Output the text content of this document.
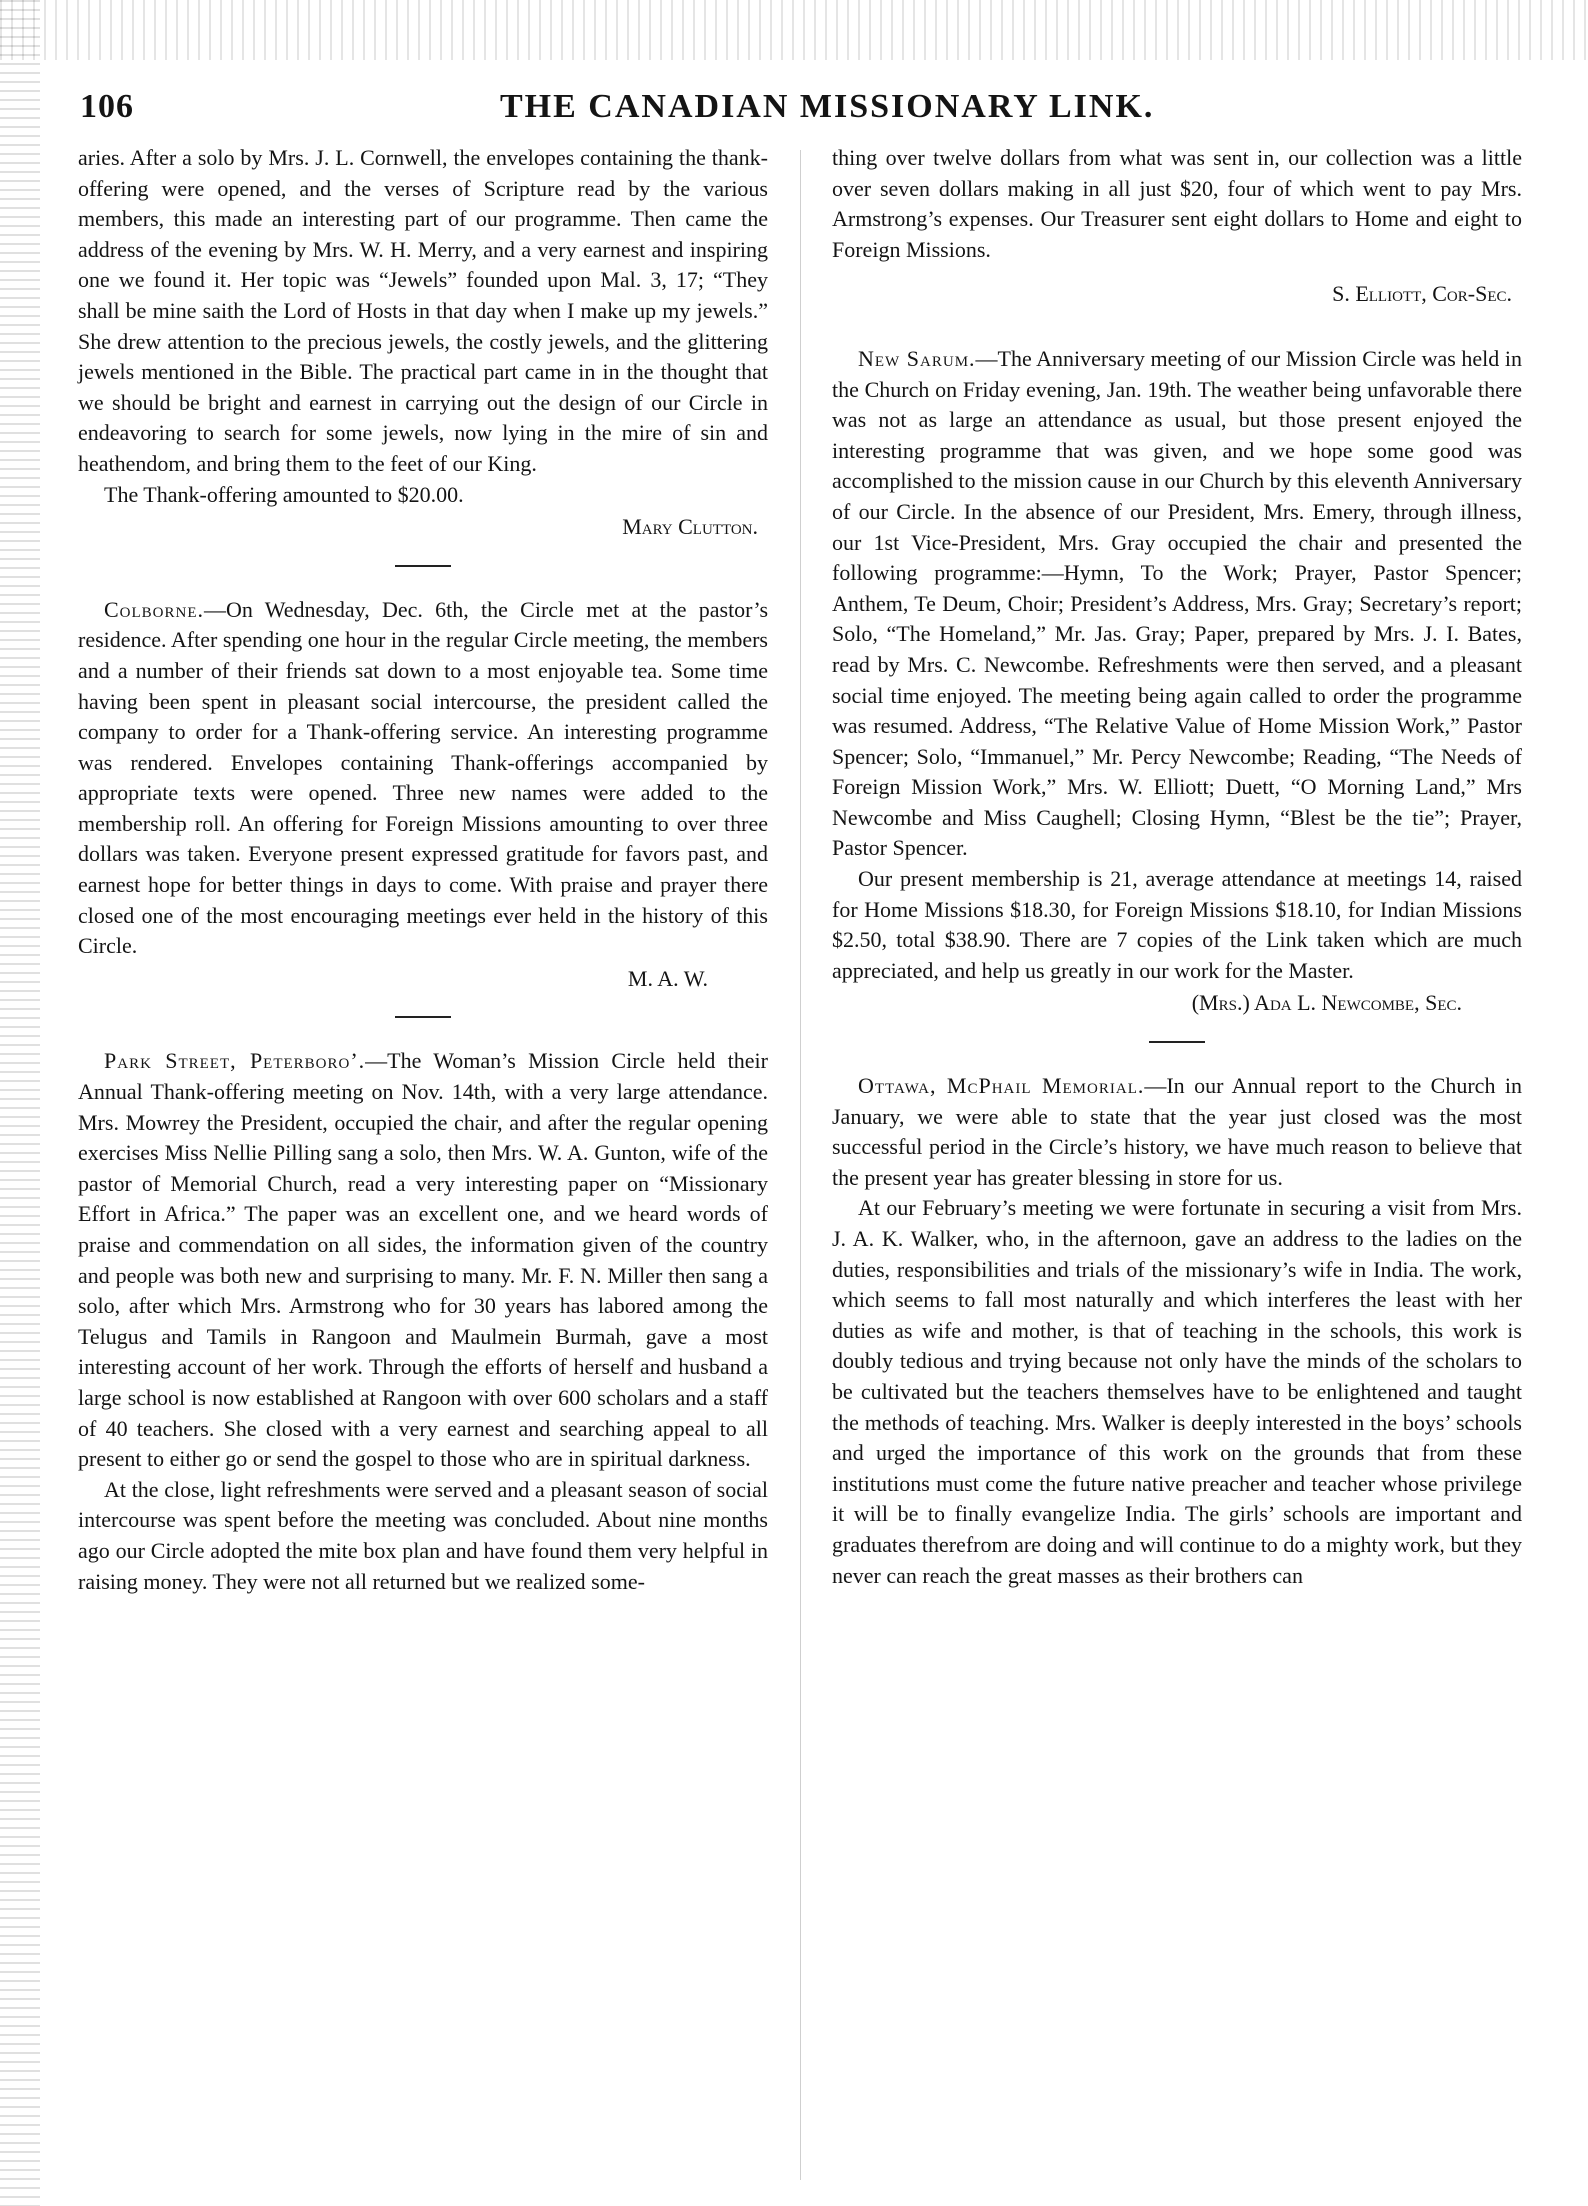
106	THE CANADIAN MISSIONARY LINK.

aries. After a solo by Mrs. J. L. Cornwell, the envelopes containing the thank-offering were opened, and the verses of Scripture read by the various members, this made an interesting part of our programme. Then came the address of the evening by Mrs. W. H. Merry, and a very earnest and inspiring one we found it. Her topic was “Jewels” founded upon Mal. 3, 17; “They shall be mine saith the Lord of Hosts in that day when I make up my jewels.” She drew attention to the precious jewels, the costly jewels, and the glittering jewels mentioned in the Bible. The practical part came in in the thought that we should be bright and earnest in carrying out the design of our Circle in endeavoring to search for some jewels, now lying in the mire of sin and heathendom, and bring them to the feet of our King.

The Thank-offering amounted to $20.00.

Mary Clutton.

Colborne.—On Wednesday, Dec. 6th, the Circle met at the pastor’s residence. After spending one hour in the regular Circle meeting, the members and a number of their friends sat down to a most enjoyable tea. Some time having been spent in pleasant social intercourse, the president called the company to order for a Thank-offering service. An interesting programme was rendered. Envelopes containing Thank-offerings accompanied by appropriate texts were opened. Three new names were added to the membership roll. An offering for Foreign Missions amounting to over three dollars was taken. Everyone present expressed gratitude for favors past, and earnest hope for better things in days to come. With praise and prayer there closed one of the most encouraging meetings ever held in the history of this Circle.

M. A. W.

Park Street, Peterboro’.—The Woman’s Mission Circle held their Annual Thank-offering meeting on Nov. 14th, with a very large attendance. Mrs. Mowrey the President, occupied the chair, and after the regular opening exercises Miss Nellie Pilling sang a solo, then Mrs. W. A. Gunton, wife of the pastor of Memorial Church, read a very interesting paper on “Missionary Effort in Africa.” The paper was an excellent one, and we heard words of praise and commendation on all sides, the information given of the country and people was both new and surprising to many. Mr. F. N. Miller then sang a solo, after which Mrs. Armstrong who for 30 years has labored among the Telugus and Tamils in Rangoon and Maulmein Burmah, gave a most interesting account of her work. Through the efforts of herself and husband a large school is now established at Rangoon with over 600 scholars and a staff of 40 teachers. She closed with a very earnest and searching appeal to all present to either go or send the gospel to those who are in spiritual darkness.

At the close, light refreshments were served and a pleasant season of social intercourse was spent before the meeting was concluded. About nine months ago our Circle adopted the mite box plan and have found them very helpful in raising money. They were not all returned but we realized some-

thing over twelve dollars from what was sent in, our collection was a little over seven dollars making in all just $20, four of which went to pay Mrs. Armstrong’s expenses. Our Treasurer sent eight dollars to Home and eight to Foreign Missions.

S. Elliott, Cor-Sec.

New Sarum.—The Anniversary meeting of our Mission Circle was held in the Church on Friday evening, Jan. 19th. The weather being unfavorable there was not as large an attendance as usual, but those present enjoyed the interesting programme that was given, and we hope some good was accomplished to the mission cause in our Church by this eleventh Anniversary of our Circle. In the absence of our President, Mrs. Emery, through illness, our 1st Vice-President, Mrs. Gray occupied the chair and presented the following programme:—Hymn, To the Work; Prayer, Pastor Spencer; Anthem, Te Deum, Choir; President’s Address, Mrs. Gray; Secretary’s report; Solo, “The Homeland,” Mr. Jas. Gray; Paper, prepared by Mrs. J. I. Bates, read by Mrs. C. Newcombe. Refreshments were then served, and a pleasant social time enjoyed. The meeting being again called to order the programme was resumed. Address, “The Relative Value of Home Mission Work,” Pastor Spencer; Solo, “Immanuel,” Mr. Percy Newcombe; Reading, “The Needs of Foreign Mission Work,” Mrs. W. Elliott; Duett, “O Morning Land,” Mrs Newcombe and Miss Caughell; Closing Hymn, “Blest be the tie”; Prayer, Pastor Spencer.

Our present membership is 21, average attendance at meetings 14, raised for Home Missions $18.30, for Foreign Missions $18.10, for Indian Missions $2.50, total $38.90. There are 7 copies of the Link taken which are much appreciated, and help us greatly in our work for the Master.

(Mrs.) Ada L. Newcombe, Sec.

Ottawa, McPhail Memorial.—In our Annual report to the Church in January, we were able to state that the year just closed was the most successful period in the Circle’s history, we have much reason to believe that the present year has greater blessing in store for us.

At our February’s meeting we were fortunate in securing a visit from Mrs. J. A. K. Walker, who, in the afternoon, gave an address to the ladies on the duties, responsibilities and trials of the missionary’s wife in India. The work, which seems to fall most naturally and which interferes the least with her duties as wife and mother, is that of teaching in the schools, this work is doubly tedious and trying because not only have the minds of the scholars to be cultivated but the teachers themselves have to be enlightened and taught the methods of teaching. Mrs. Walker is deeply interested in the boys’ schools and urged the importance of this work on the grounds that from these institutions must come the future native preacher and teacher whose privilege it will be to finally evangelize India. The girls’ schools are important and graduates therefrom are doing and will continue to do a mighty work, but they never can reach the great masses as their brothers can
